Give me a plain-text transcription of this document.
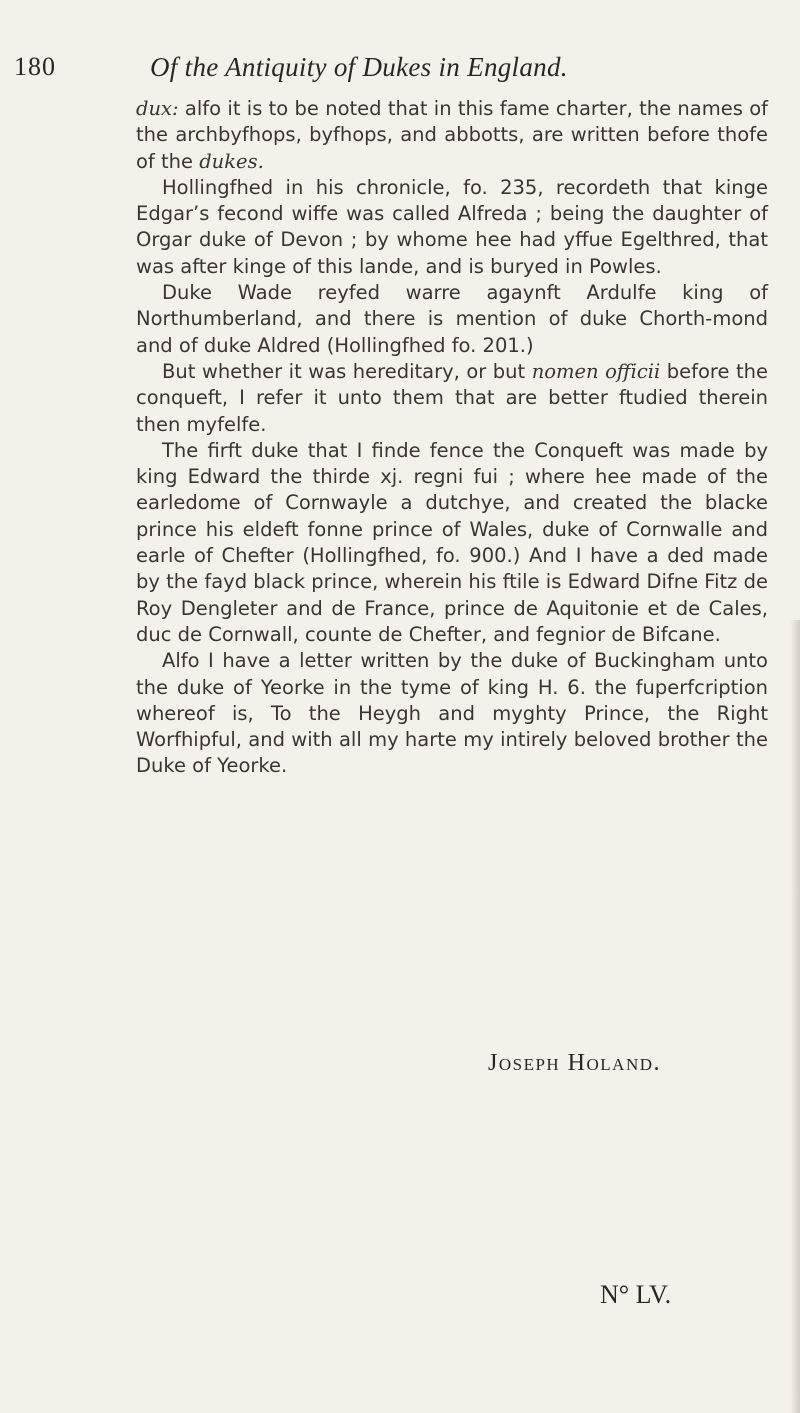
180	Of the Antiquity of Dukes in England.

dux: alfo it is to be noted that in this fame charter, the names of the archbyfhops, byfhops, and abbotts, are written before thofe of the dukes.

Hollingfhed in his chronicle, fo. 235, recordeth that kinge Edgar’s fecond wiffe was called Alfreda ; being the daughter of Orgar duke of Devon ; by whome hee had yffue Egelthred, that was after kinge of this lande, and is buryed in Powles.

Duke Wade reyfed warre agaynft Ardulfe king of Northumberland, and there is mention of duke Chorth-mond and of duke Aldred (Hollingfhed fo. 201.)

But whether it was hereditary, or but nomen officii before the conqueft, I refer it unto them that are better ftudied therein then myfelfe.

The firft duke that I finde fence the Conqueft was made by king Edward the thirde xj. regni fui ; where hee made of the earledome of Cornwayle a dutchye, and created the blacke prince his eldeft fonne prince of Wales, duke of Cornwalle and earle of Chefter (Hollingfhed, fo. 900.) And I have a ded made by the fayd black prince, wherein his ftile is Edward Difne Fitz de Roy Dengleter and de France, prince de Aquitonie et de Cales, duc de Cornwall, counte de Chefter, and fegnior de Bifcane.

Alfo I have a letter written by the duke of Buckingham unto the duke of Yeorke in the tyme of king H. 6. the fuperfcription whereof is, To the Heygh and myghty Prince, the Right Worfhipful, and with all my harte my intirely beloved brother the Duke of Yeorke.

Joseph Holand.
N° LV.
